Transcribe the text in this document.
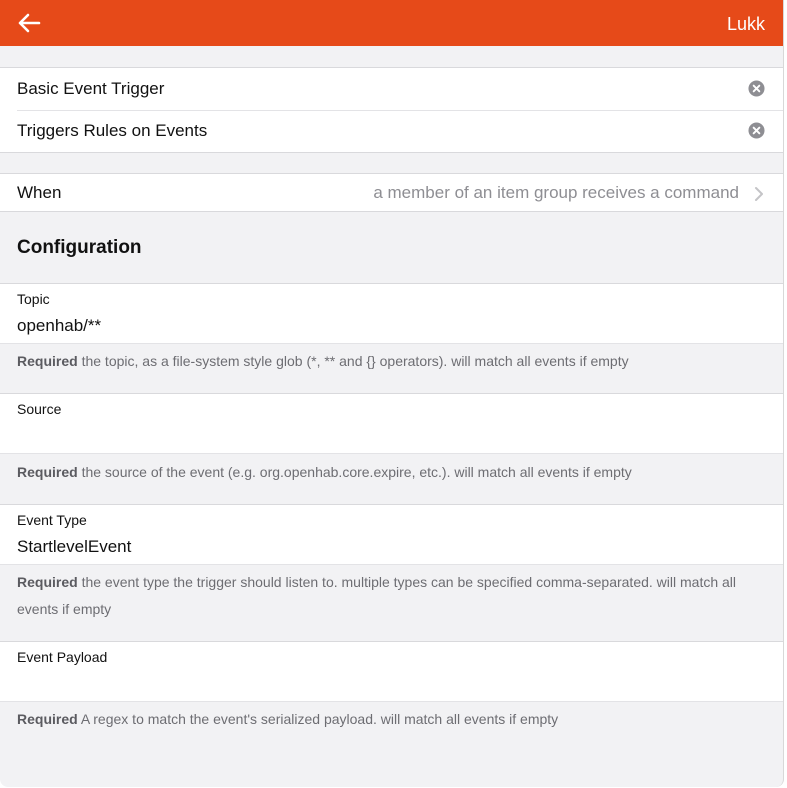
Lukk
Basic Event Trigger
Triggers Rules on Events
When	a member of an item group receives a command
Configuration
Topic
openhab/**
Required the topic, as a file-system style glob (*, ** and {} operators). will match all events if empty
Source
Required the source of the event (e.g. org.openhab.core.expire, etc.). will match all events if empty
Event Type
StartlevelEvent
Required the event type the trigger should listen to. multiple types can be specified comma-separated. will match all events if empty
Event Payload
Required A regex to match the event's serialized payload. will match all events if empty
